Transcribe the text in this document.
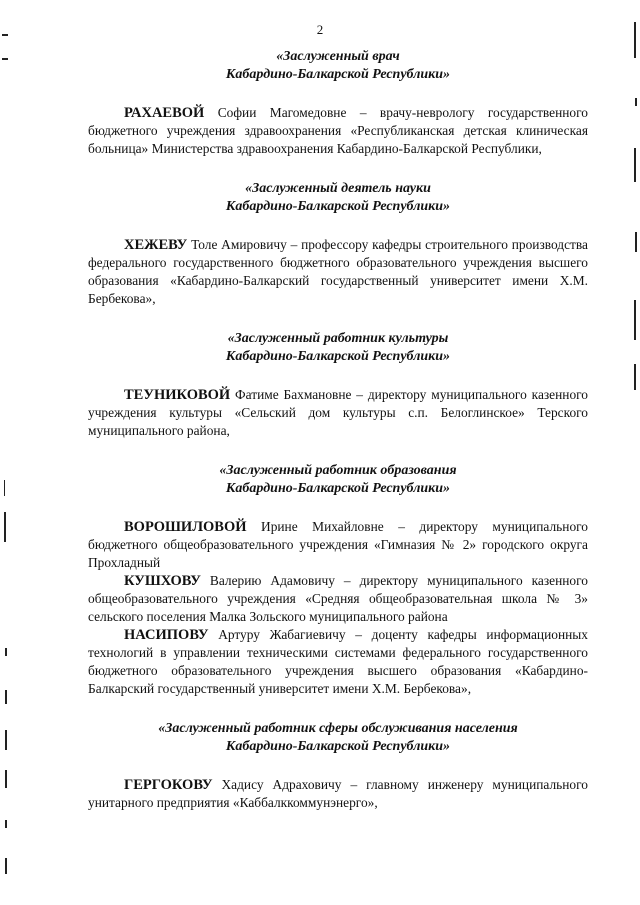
2

«Заслуженный врач
Кабардино-Балкарской Республики»

РАХАЕВОЙ Софии Магомедовне – врачу-неврологу государственного бюджетного учреждения здравоохранения «Республиканская детская клиническая больница» Министерства здравоохранения Кабардино-Балкарской Республики,

«Заслуженный деятель науки
Кабардино-Балкарской Республики»

ХЕЖЕВУ Толе Амировичу – профессору кафедры строительного производства федерального государственного бюджетного образовательного учреждения высшего образования «Кабардино-Балкарский государственный университет имени Х.М. Бербекова»,

«Заслуженный работник культуры
Кабардино-Балкарской Республики»

ТЕУНИКОВОЙ Фатиме Бахмановне – директору муниципального казенного учреждения культуры «Сельский дом культуры с.п. Белоглинское» Терского муниципального района,

«Заслуженный работник образования
Кабардино-Балкарской Республики»

ВОРОШИЛОВОЙ Ирине Михайловне – директору муниципального бюджетного общеобразовательного учреждения «Гимназия № 2» городского округа Прохладный

КУШХОВУ Валерию Адамовичу – директору муниципального казенного общеобразовательного учреждения «Средняя общеобразовательная школа № 3» сельского поселения Малка Зольского муниципального района

НАСИПОВУ Артуру Жабагиевичу – доценту кафедры информационных технологий в управлении техническими системами федерального государственного бюджетного образовательного учреждения высшего образования «Кабардино-Балкарский государственный университет имени Х.М. Бербекова»,

«Заслуженный работник сферы обслуживания населения
Кабардино-Балкарской Республики»

ГЕРГОКОВУ Хадису Адраховичу – главному инженеру муниципального унитарного предприятия «Каббалккоммунэнерго»,
